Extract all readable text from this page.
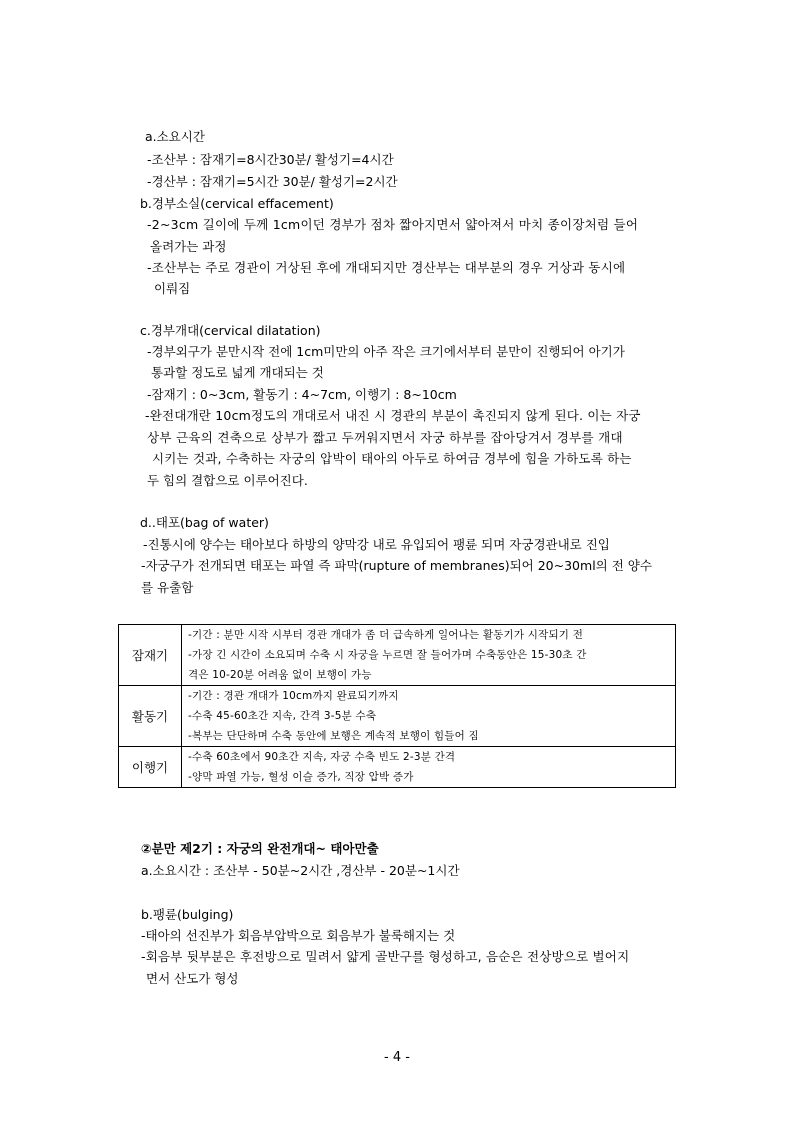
a.소요시간
-조산부 : 잠재기=8시간30분/ 활성기=4시간
-경산부 : 잠재기=5시간 30분/ 활성기=2시간
b.경부소실(cervical effacement)
-2~3cm 길이에 두께 1cm이던 경부가 점차 짧아지면서 얇아져서 마치 종이장처럼 들어
올려가는 과정
-조산부는 주로 경관이 거상된 후에 개대되지만 경산부는 대부분의 경우 거상과 동시에
이뤄짐
c.경부개대(cervical dilatation)
-경부외구가 분만시작 전에 1cm미만의 아주 작은 크기에서부터 분만이 진행되어 아기가
통과할 정도로 넓게 개대되는 것
-잠재기 : 0~3cm, 활동기 : 4~7cm, 이행기 : 8~10cm
-완전대개란 10cm정도의 개대로서 내진 시 경관의 부분이 촉진되지 않게 된다. 이는 자궁
상부 근육의 견축으로 상부가 짧고 두꺼워지면서 자궁 하부를 잡아당겨서 경부를 개대
시키는 것과, 수축하는 자궁의 압박이 태아의 아두로 하여금 경부에 힘을 가하도록 하는
두 힘의 결합으로 이루어진다.
d..태포(bag of water)
-진통시에 양수는 태아보다 하방의 양막강 내로 유입되어 팽륜 되며 자궁경관내로 진입
-자궁구가 전개되면 태포는 파열 즉 파막(rupture of membranes)되어 20~30ml의 전 양수
를 유출함
잠재기	-기간 : 분만 시작 시부터 경관 개대가 좀 더 급속하게 일어나는 활동기가 시작되기 전
-가장 긴 시간이 소요되며 수축 시 자궁을 누르면 잘 들어가며 수축동안은 15-30초 간
격은 10-20분 어려움 없이 보행이 가능

활동기	-기간 : 경관 개대가 10cm까지 완료되기까지
-수축 45-60초간 지속, 간격 3-5분 수축
-복부는 단단하며 수축 동안에 보행은 계속적 보행이 힘들어 짐

이행기	-수축 60초에서 90초간 지속, 자궁 수축 빈도 2-3분 간격
-양막 파열 가능, 혈성 이슬 증가, 직장 압박 증가
②분만 제2기 : 자궁의 완전개대~ 태아만출
a.소요시간 : 조산부 - 50분~2시간 ,경산부 - 20분~1시간
b.팽륜(bulging)
-태아의 선진부가 회음부압박으로 회음부가 불룩해지는 것
-회음부 뒷부분은 후전방으로 밀려서 얇게 골반구를 형성하고, 음순은 전상방으로 벌어지
면서 산도가 형성
- 4 -
